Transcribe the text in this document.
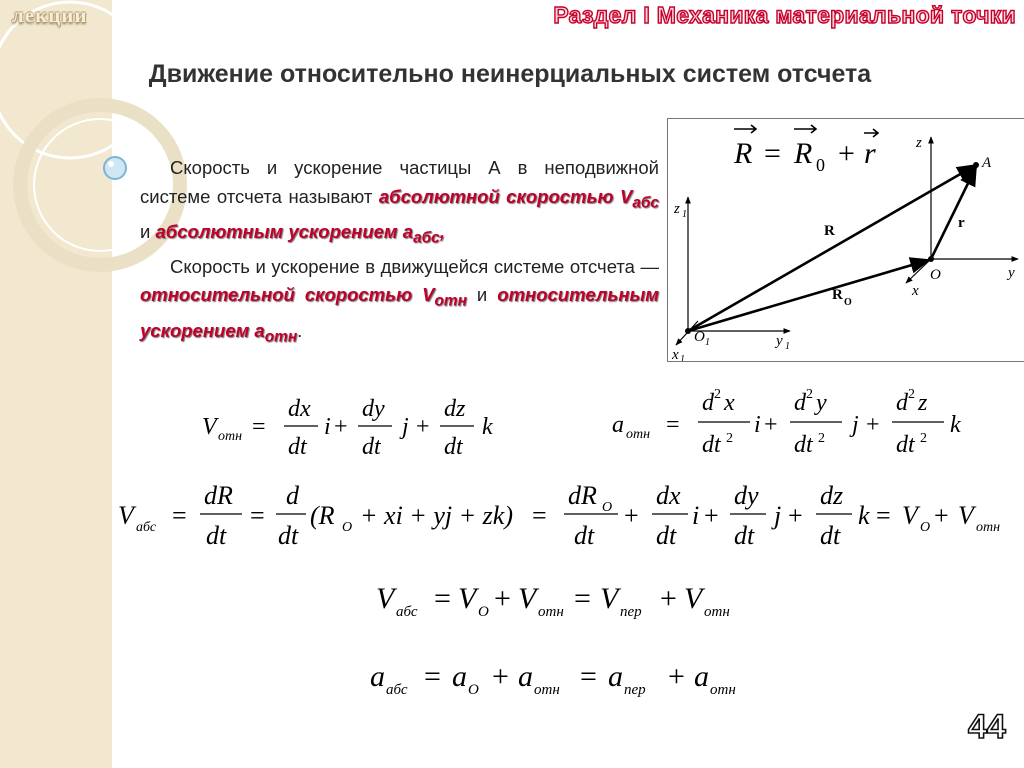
лекции	Раздел I Механика материальной точки
Движение относительно неинерциальных систем отсчета

Скорость и ускорение частицы А в неподвижной системе отсчета называют абсолютной скоростью $V_{абс}$ и абсолютным ускорением $a_{абс}$,

Скорость и ускорение в движущейся системе отсчета — относительной скоростью $V_{отн}$ и относительным ускорением $a_{отн}$.

R = R 0 + r	z
z 1
y
y 1
x
x 1
O
O 1
A
R
R O
r
V отн =
dx
dt
i +
dy
dt
j +
dz
dt
k	a отн =
d 2 x
dt 2
i +
d 2 y
dt 2
j +
d 2 z
dt 2
k
V абс =
dR
dt
=
d
dt
(R O + xi + yj + zk) =
dR O
dt
+
dx
dt
i +
dy
dt
j +
dz
dt
k = V O + V отн
V абс = V O + V отн = V пер + V отн
a абс = a O + a отн = a пер + a отн
44
